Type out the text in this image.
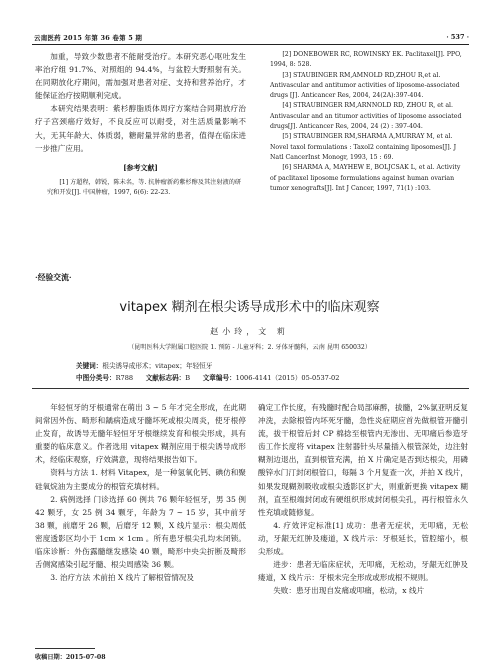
云南医药 2015 年第 36 卷第 5 期	· 537 ·

加重，导致少数患者不能耐受治疗。本研究恶心呕吐发生率治疗组 91.7%、对照组的 94.4%，与盆腔大野照射有关。在同期放化疗期间，需加强对患者对症、支持和营养治疗，才能保证治疗按期顺利完成。

本研究结果表明：紫杉醇脂质体周疗方案结合同期放疗治疗子宫颈癌疗效好，不良反应可以耐受，对生活质量影响不大，无其年龄大、体质弱，糖耐量异常的患者，值得在临床进一步推广应用。

[参考文献]

[1] 方超程，韩锐，陈未名，等. 抗肿瘤新药紫杉醇及其注射液的研究和开发[J]. 中国肿瘤，1997, 6(6): 22-23.

[2] DONEBOWER RC, ROWINSKY EK. Paclitaxel[J]. PPO, 1994, 8: 528.

[3] STAUBINGER RM,AMNOLD RD,ZHOU R,et al. Antivascular and antitumor activities of liposome-associated drugs [J]. Anticancer Res, 2004, 24(2A):397-404.

[4] STRAUBINGER RM,ARNNOLD RD, ZHOU R, et al. Antivascular and an titumor activities of liposome associated drugs[J]. Anticancer Res, 2004, 24 (2) : 397-404.

[5] STRAUBINGER RM,SHARMA A,MURRAY M, et al. Novel taxol formulations : Taxol2 containing liposomes[J]. J Natl CancerInst Monogr, 1993, 15 : 69.

[6] SHARMA A, MAYHEW E, BOLJCSAK L, et al. Activity of paclitaxel liposome formulations against human ovarian tumor xenografts[J]. Int J Cancer, 1997, 71(1) :103.

·经验交流·
vitapex 糊剂在根尖诱导成形术中的临床观察
赵小玲，文 莉
（昆明医科大学附属口腔医院 1. 预防 - 儿童牙科；2. 牙体牙髓科，云南 昆明 650032）
关键词：根尖诱导成形术；vitapex；年轻恒牙
中图分类号：R788 文献标志码：B 文章编号：1006-4141（2015）05-0537-02

年轻恒牙的牙根通常在萌出 3 ~ 5 年才完全形成，在此期间常因外伤、畸形和龋病造成牙髓坏死或根尖周炎，使牙根停止发育，故诱导无髓年轻恒牙牙根继续发育和根尖形成，具有重要的临床意义。作者选用 vitapex 糊剂应用于根尖诱导成形术，经临床观察，疗效满意，现将结果报告如下。

资料与方法 1. 材料 Vitapex，是一种氢氧化钙、碘仿和聚硅氧烷油为主要成分的根管充填材料。

2. 病例选择 门诊选择 60 例共 76 颗年轻恒牙，男 35 例 42 颗牙，女 25 例 34 颗牙，年龄为 7 ~ 15 岁，其中前牙 38 颗，前磨牙 26 颗，后磨牙 12 颗，X 线片显示：根尖周低密度透影区均小于 1cm × 1cm 。所有患牙根尖孔均未闭锁。临床诊断：外伤露髓继发感染 40 颗，畸形中央尖折断及畸形舌侧窝感染引起牙髓、根尖周感染 36 颗。

3. 治疗方法 术前拍 X 线片了解根管情况及

确定工作长度，有残髓时配合局部麻醉，拔髓，2%氯亚明反复冲洗，去除根管内坏死牙髓，急性炎症期应首先做根管开髓引流，拔干根管后封 CP 棉捻至根管内无渗出、无叩痛后参造牙齿工作长度将 vitapex 注射器针头尽量插入根管深处，边注射糊剂边退出，直到根管充满，拍 X 片确定是否到达根尖，用磷酸锌水门汀封闭根管口，每隔 3 个月复查一次，并拍 X 线片，如果发现糊剂吸收或根尖透影区扩大，则重新更换 vitapex 糊剂，直至根端封闭或有硬组织形成封闭根尖孔，再行根管永久性充填或随修复。

4. 疗效评定标准[1] 成功：患者无症状，无叩痛，无松动，牙龈无红肿及瘘道，X 线片示：牙根延长，管腔缩小，根尖形成。

进步：患者无临床症状，无叩痛，无松动，牙龈无红肿及瘘道，X 线片示：牙根未完全形成或形成根不规则。

失败：患牙出现自发痛或叩痛，松动，x 线片

收稿日期：2015-07-08
